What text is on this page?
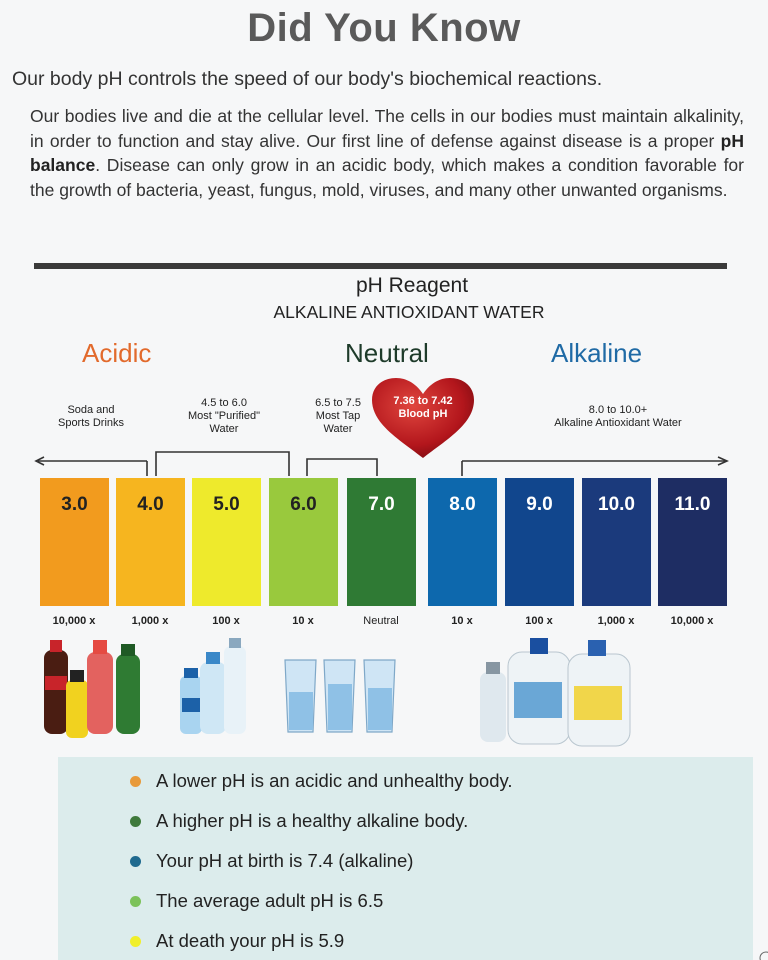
Did You Know
Our body pH controls the speed of our body's biochemical reactions.
Our bodies live and die at the cellular level. The cells in our bodies must maintain alkalinity, in order to function and stay alive. Our first line of defense against disease is a proper pH balance. Disease can only grow in an acidic body, which makes a condition favorable for the growth of bacteria, yeast, fungus, mold, viruses, and many other unwanted organisms.
pH Reagent
ALKALINE ANTIOXIDANT WATER
Acidic	Neutral	Alkaline
Soda and
Sports Drinks
4.5 to 6.0
Most "Purified"
Water
6.5 to 7.5
Most Tap
Water
8.0 to 10.0+
Alkaline Antioxidant Water
7.36 to 7.42
Blood pH
3.0
10,000 x
4.0
1,000 x
5.0
100 x
6.0
10 x
7.0
Neutral
8.0
10 x
9.0
100 x
10.0
1,000 x
11.0
10,000 x
A lower pH is an acidic and unhealthy body.
A higher pH is a healthy alkaline body.
Your pH at birth is 7.4 (alkaline)
The average adult pH is 6.5
At death your pH is 5.9
